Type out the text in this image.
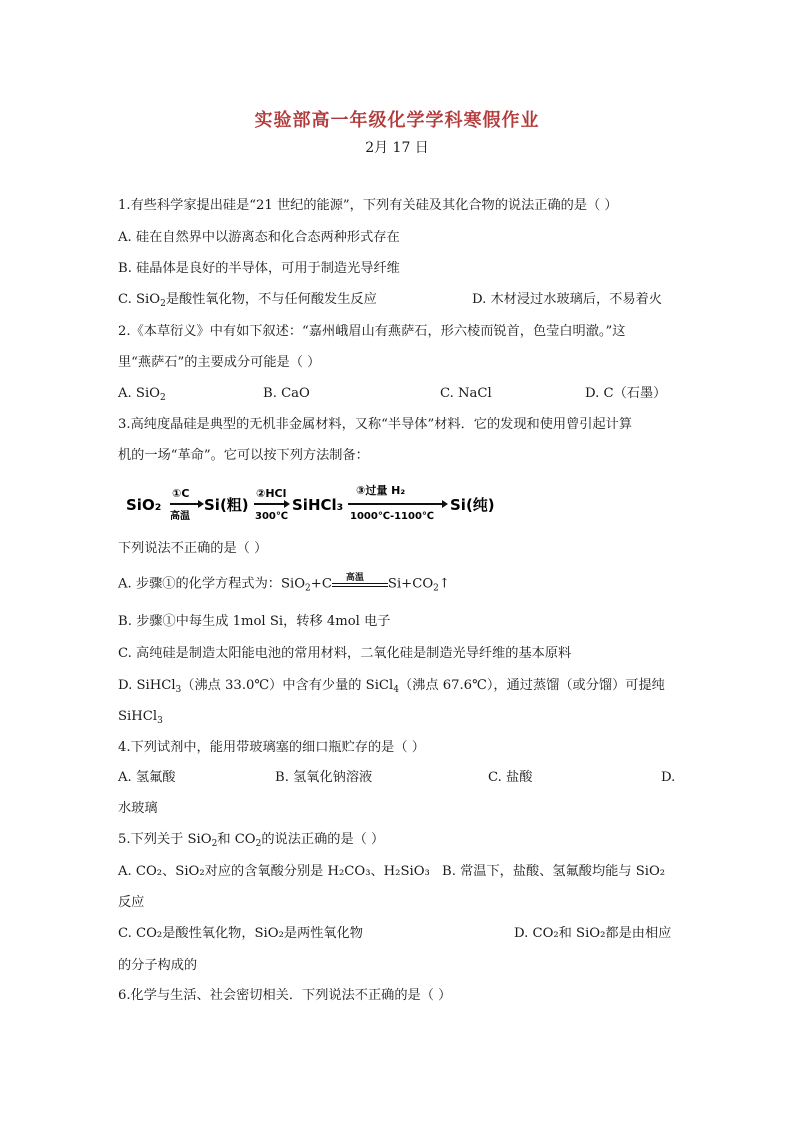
实验部高一年级化学学科寒假作业
2月 17 日
1.有些科学家提出硅是“21 世纪的能源”，下列有关硅及其化合物的说法正确的是（ ）
A. 硅在自然界中以游离态和化合态两种形式存在
B. 硅晶体是良好的半导体，可用于制造光导纤维
C. SiO$_2$是酸性氧化物，不与任何酸发生反应	D. 木材浸过水玻璃后，不易着火
2.《本草衍义》中有如下叙述：“嘉州峨眉山有燕萨石，形六棱而锐首，色莹白明澈。”这
里“燕萨石”的主要成分可能是（ ）
A. SiO$_2$	B. CaO	C. NaCl	D. C（石墨）
3.高纯度晶硅是典型的无机非金属材料，又称“半导体”材料．它的发现和使用曾引起计算
机的一场“革命”。它可以按下列方法制备：
SiO₂
①C
高温
Si(粗)
②HCl
300℃
SiHCl₃
③过量 H₂
1000℃-1100℃
Si(纯)
下列说法不正确的是（ ）
A. 步骤①的化学方程式为：SiO$_2$+C 高温 $Si+CO_2↑$
B. 步骤①中每生成 1mol Si，转移 4mol 电子
C. 高纯硅是制造太阳能电池的常用材料，二氧化硅是制造光导纤维的基本原料
D. SiHCl$_3$（沸点 33.0℃）中含有少量的 SiCl$_4$（沸点 67.6℃），通过蒸馏（或分馏）可提纯
SiHCl$_3$
4.下列试剂中，能用带玻璃塞的细口瓶贮存的是（ ）
A. 氢氟酸	B. 氢氧化钠溶液	C. 盐酸	D.
水玻璃
5.下列关于 SiO$_2$和 $CO_2$的说法正确的是（ ）
A. CO₂、SiO₂对应的含氧酸分别是 H₂CO₃、H₂SiO₃ B. 常温下，盐酸、氢氟酸均能与 SiO₂
反应
C. CO₂是酸性氧化物，SiO₂是两性氧化物	D. CO₂和 SiO₂都是由相应
的分子构成的
6.化学与生活、社会密切相关．下列说法不正确的是（ ）
